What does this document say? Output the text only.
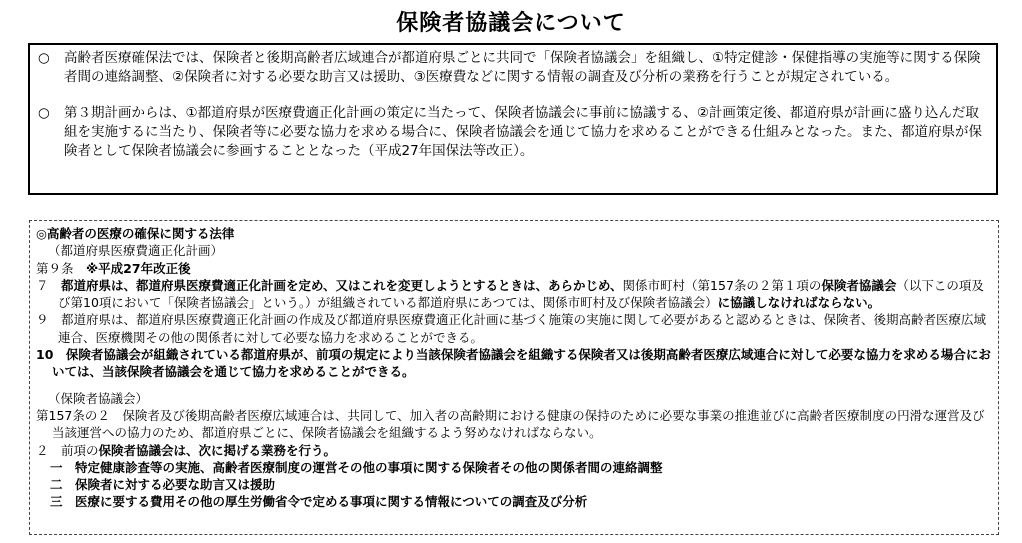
保険者協議会について

○ 高齢者医療確保法では、保険者と後期高齢者広域連合が都道府県ごとに共同で「保険者協議会」を組織し、①特定健診・保健指導の実施等に関する保険者間の連絡調整、②保険者に対する必要な助言又は援助、③医療費などに関する情報の調査及び分析の業務を行うことが規定されている。

○ 第３期計画からは、①都道府県が医療費適正化計画の策定に当たって、保険者協議会に事前に協議する、②計画策定後、都道府県が計画に盛り込んだ取組を実施するに当たり、保険者等に必要な協力を求める場合に、保険者協議会を通じて協力を求めることができる仕組みとなった。また、都道府県が保険者として保険者協議会に参画することとなった（平成27年国保法等改正）。

◎高齢者の医療の確保に関する法律

（都道府県医療費適正化計画）

第９条　 ※平成27年改正後

７　 都道府県は、都道府県医療費適正化計画を定め、又はこれを変更しようとするときは、あらかじめ、関係市町村（第157条の２第１項の保険者協議会（以下この項及び第10項において「保険者協議会」という。）が組織されている都道府県にあつては、関係市町村及び保険者協議会）に協議しなければならない。

９　 都道府県は、都道府県医療費適正化計画の作成及び都道府県医療費適正化計画に基づく施策の実施に関して必要があると認めるときは、保険者、後期高齢者医療広域連合、医療機関その他の関係者に対して必要な協力を求めることができる。

10　 保険者協議会が組織されている都道府県が、前項の規定により当該保険者協議会を組織する保険者又は後期高齢者医療広域連合に対して必要な協力を求める場合においては、当該保険者協議会を通じて協力を求めることができる。

（保険者協議会）

第157条の２　 保険者及び後期高齢者医療広域連合は、共同して、加入者の高齢期における健康の保持のために必要な事業の推進並びに高齢者医療制度の円滑な運営及び当該運営への協力のため、都道府県ごとに、保険者協議会を組織するよう努めなければならない。

２　 前項の保険者協議会は、次に掲げる業務を行う。

一　 特定健康診査等の実施、高齢者医療制度の運営その他の事項に関する保険者その他の関係者間の連絡調整

二　 保険者に対する必要な助言又は援助

三　 医療に要する費用その他の厚生労働省令で定める事項に関する情報についての調査及び分析
